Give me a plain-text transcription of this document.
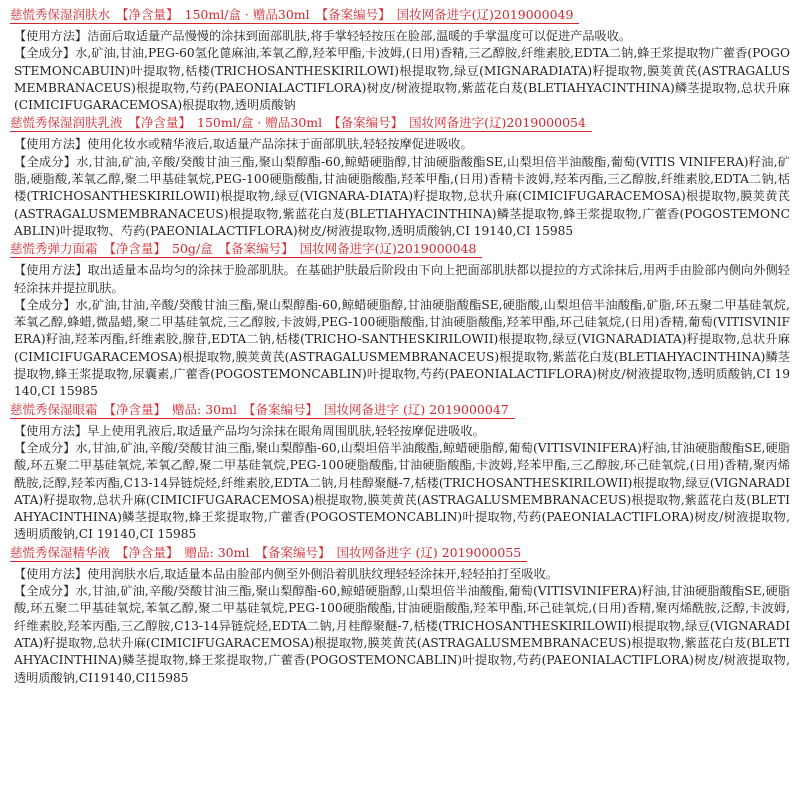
慈慌秀保湿润肤水 【净含量】 150ml/盒 · 赠品30ml 【备案编号】 国妆网备进字(辽)2019000049

【使用方法】洁面后取适量产品慢慢的涂抹到面部肌肤,将手掌轻轻按压在脸部,温暖的手掌温度可以促进产品吸收。

【全成分】水,矿油,甘油,PEG-60氢化蓖麻油,苯氧乙醇,羟苯甲酯,卡波姆,(日用)香精,三乙醇胺,纤维素胶,EDTA二钠,蜂王浆提取物广藿香(POGOSTEMONCABUIN)叶提取物,栝楼(TRICHOSANTHESKIRILOWI)根提取物,绿豆(MIGNARADIATA)籽提取物,膜荚黄芪(ASTRAGALUSMEMBRANACEUS)根提取物,芍药(PAEONIALACTIFLORA)树皮/树液提取物,紫蓝花白芨(BLETIAHYACINTHINA)鳞茎提取物,总状升麻(CIMICIFUGARACEMOSA)根提取物,透明质酸钠

慈慌秀保湿润肤乳液 【净含量】 150ml/盒 · 赠品30ml 【备案编号】 国妆网备进字(辽)2019000054

【使用方法】使用化妆水或精华液后,取适量产品涂抹于面部肌肤,轻轻按摩促进吸收。

【全成分】水,甘油,矿油,辛酸/癸酸甘油三酯,聚山梨醇酯-60,鲸蜡硬脂醇,甘油硬脂酸酯SE,山梨坦倍半油酸酯,葡萄(VITIS VINIFERA)籽油,矿脂,硬脂酸,苯氧乙醇,聚二甲基硅氧烷,PEG-100硬脂酸酯,甘油硬脂酸酯,羟苯甲酯,(日用)香精卡波姆,羟苯丙酯,三乙醇胺,纤维素胶,EDTA二钠,栝楼(TRICHOSANTHESKIRILOWII)根提取物,绿豆(VIGNARA-DIATA)籽提取物,总状升麻(CIMICIFUGARACEMOSA)根提取物,膜荚黄芪(ASTRAGALUSMEMBRANACEUS)根提取物,紫蓝花白芨(BLETIAHYACINTHINA)鳞茎提取物,蜂王浆提取物,广藿香(POGOSTEMONCABLIN)叶提取物、芍药(PAEONIALACTIFLORA)树皮/树液提取物,透明质酸钠,CI 19140,CI 15985

慈慌秀弹力面霜 【净含量】 50g/盒 【备案编号】 国妆网备进字(辽)2019000048

【使用方法】取出适量本品均匀的涂抹于脸部肌肤。在基础护肤最后阶段由下向上把面部肌肤都以提拉的方式涂抹后,用两手由脸部内侧向外侧轻轻涂抹并提拉肌肤。

【全成分】水,矿油,甘油,辛酸/癸酸甘油三酯,聚山梨醇酯-60,鲸蜡硬脂醇,甘油硬脂酸酯SE,硬脂酸,山梨坦倍半油酸酯,矿脂,环五聚二甲基硅氧烷,苯氧乙醇,蜂蜡,微晶蜡,聚二甲基硅氧烷,三乙醇胺,卡波姆,PEG-100硬脂酸酯,甘油硬脂酸酯,羟苯甲酯,环己硅氧烷,(日用)香精,葡萄(VITISVINIFERA)籽油,羟苯丙酯,纤维素胶,腺苷,EDTA二钠,栝楼(TRICHO-SANTHESKIRILOWII)根提取物,绿豆(VIGNARADIATA)籽提取物,总状升麻(CIMICIFUGARACEMOSA)根提取物,膜荚黄芪(ASTRAGALUSMEMBRANACEUS)根提取物,紫蓝花白芨(BLETIAHYACINTHINA)鳞茎提取物,蜂王浆提取物,尿囊素,广藿香(POGOSTEMONCABLIN)叶提取物,芍药(PAEONIALACTIFLORA)树皮/树液提取物,透明质酸钠,CI 19140,CI 15985

慈慌秀保湿眼霜 【净含量】 赠品: 30ml 【备案编号】 国妆网备进字 (辽) 2019000047

【使用方法】早上使用乳液后,取适量产品均匀涂抹在眼角周围肌肤,轻轻按摩促进吸收。

【全成分】水,甘油,矿油,辛酸/癸酸甘油三酯,聚山梨醇酯-60,山梨坦倍半油酸酯,鲸蜡硬脂醇,葡萄(VITISVINIFERA)籽油,甘油硬脂酸酯SE,硬脂酸,环五聚二甲基硅氧烷,苯氧乙醇,聚二甲基硅氧烷,PEG-100硬脂酸酯,甘油硬脂酸酯,卡波姆,羟苯甲酯,三乙醇胺,环己硅氧烷,(日用)香精,聚丙烯酰胺,泛醇,羟苯丙酯,C13-14异链烷烃,纤维素胶,EDTA二钠,月桂醇聚醚-7,栝楼(TRICHOSANTHESKIRILOWII)根提取物,绿豆(VIGNARADIATA)籽提取物,总状升麻(CIMICIFUGARACEMOSA)根提取物,膜荚黄芪(ASTRAGALUSMEMBRANACEUS)根提取物,紫蓝花白芨(BLETIAHYACINTHINA)鳞茎提取物,蜂王浆提取物,广藿香(POGOSTEMONCABLIN)叶提取物,芍药(PAEONIALACTIFLORA)树皮/树液提取物,透明质酸钠,CI 19140,CI 15985

慈慌秀保湿精华液 【净含量】 赠品: 30ml 【备案编号】 国妆网备进字 (辽) 2019000055

【使用方法】使用润肤水后,取适量本品由脸部内侧至外侧沿着肌肤纹理轻轻涂抹开,轻轻拍打至吸收。

【全成分】水,甘油,矿油,辛酸/癸酸甘油三酯,聚山梨醇酯-60,鲸蜡硬脂醇,山梨坦倍半油酸酯,葡萄(VITISVINIFERA)籽油,甘油硬脂酸酯SE,硬脂酸,环五聚二甲基硅氧烷,苯氧乙醇,聚二甲基硅氧烷,PEG-100硬脂酸酯,甘油硬脂酸酯,羟苯甲酯,环己硅氧烷,(日用)香精,聚丙烯酰胺,泛醇,卡波姆,纤维素胶,羟苯丙酯,三乙醇胺,C13-14异链烷烃,EDTA二钠,月桂醇聚醚-7,栝楼(TRICHOSANTHESKIRILOWII)根提取物,绿豆(VIGNARADIATA)籽提取物,总状升麻(CIMICIFUGARACEMOSA)根提取物,膜荚黄芪(ASTRAGALUSMEMBRANACEUS)根提取物,紫蓝花白芨(BLETIAHYACINTHINA)鳞茎提取物,蜂王浆提取物,广藿香(POGOSTEMONCABLIN)叶提取物,芍药(PAEONIALACTIFLORA)树皮/树液提取物,透明质酸钠,CI19140,CI15985
